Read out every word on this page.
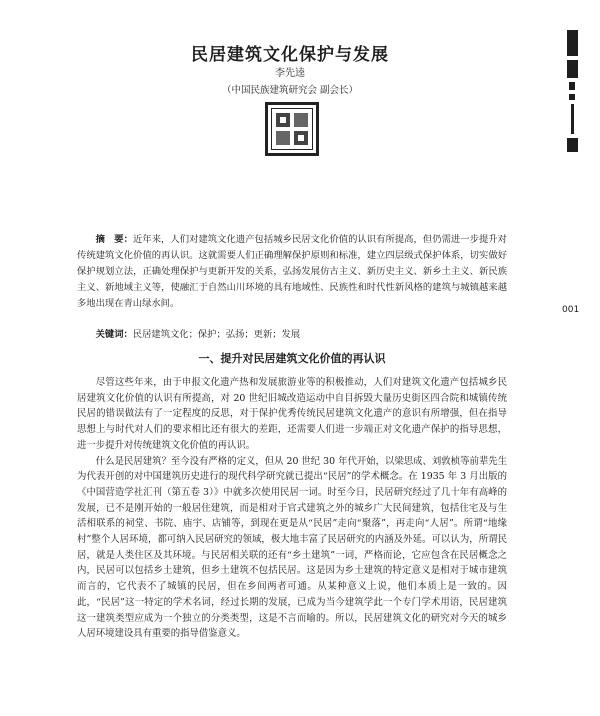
民居建筑文化保护与发展
李先逵
（中国民族建筑研究会 副会长）
摘　要：近年来，人们对建筑文化遗产包括城乡民居文化价值的认识有所提高，但仍需进一步提升对传统建筑文化价值的再认识。这就需要人们正确理解保护原则和标准，建立四层级式保护体系，切实做好保护规划立法，正确处理保护与更新开发的关系，弘扬发展仿古主义、新历史主义、新乡土主义、新民族主义、新地域主义等，使融汇于自然山川环境的具有地域性、民族性和时代性新风格的建筑与城镇越来越多地出现在青山绿水间。
关键词：民居建筑文化；保护；弘扬；更新；发展
一、提升对民居建筑文化价值的再认识

尽管这些年来，由于申报文化遗产热和发展旅游业等的积极推动，人们对建筑文化遗产包括城乡民居建筑文化价值的认识有所提高，对 20 世纪旧城改造运动中自目拆毁大量历史街区四合院和城镇传统民居的错误做法有了一定程度的反思，对于保护优秀传统民居建筑文化遗产的意识有所增强，但在指导思想上与时代对人们的要求相比还有很大的差距，还需要人们进一步端正对文化遗产保护的指导思想，进一步提升对传统建筑文化价值的再认识。

什么是民居建筑？至今没有严格的定义，但从 20 世纪 30 年代开始，以梁思成、刘敦桢等前辈先生为代表开创的对中国建筑历史进行的现代科学研究就已提出“民居”的学术概念。在 1935 年 3 月出版的《中国营造学社汇刊（第五卷 3）》中就多次使用民居一词。时至今日，民居研究经过了几十年有高峰的发展，已不是刚开始的一般居住建筑，而是相对于官式建筑之外的城乡广大民间建筑，包括住宅及与生活相联系的祠堂、书院、庙宇、店铺等，到现在更是从“民居”走向“聚落”，再走向“人居”。所谓“地缘村”整个人居环境，都可纳入民居研究的领域，极大地丰富了民居研究的内涵及外延。可以认为，所谓民居，就是人类住区及其环境。与民居相关联的还有“乡土建筑”一词，严格而论，它应包含在民居概念之内，民居可以包括乡土建筑，但乡土建筑不包括民居。这是因为乡土建筑的特定意义是相对于城市建筑而言的，它代表不了城镇的民居，但在乡间两者可通。从某种意义上说，他们本质上是一致的。因此，“民居”这一特定的学术名词，经过长期的发展，已成为当今建筑学此一个专门学术用语，民居建筑这一建筑类型应成为一个独立的分类类型，这是不言而喻的。所以，民居建筑文化的研究对今天的城乡人居环境建设具有重要的指导借鉴意义。

001
